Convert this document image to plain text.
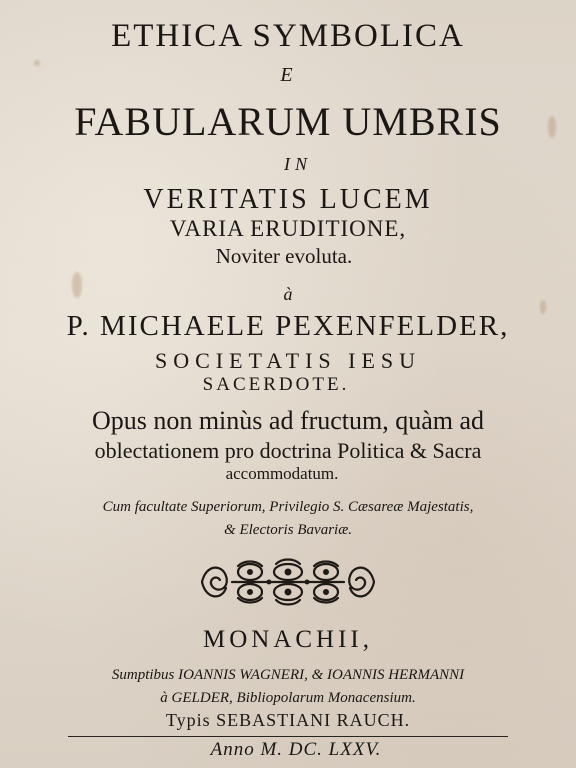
ETHICA SYMBOLICA
E
FABULARUM UMBRIS
IN
VERITATIS LUCEM
VARIA ERUDITIONE,
Noviter evoluta.
à
P. MICHAELE PEXENFELDER,
SOCIETATIS IESU
SACERDOTE.
Opus non minùs ad fructum, quàm ad
oblectationem pro doctrina Politica & Sacra
accommodatum.
Cum facultate Superiorum, Privilegio S. Cæsareæ Majestatis,
& Electoris Bavariæ.
MONACHII,
Sumptibus IOANNIS WAGNERI, & IOANNIS HERMANNI
à GELDER, Bibliopolarum Monacensium.
Typis SEBASTIANI RAUCH.
Anno M. DC. LXXV.
